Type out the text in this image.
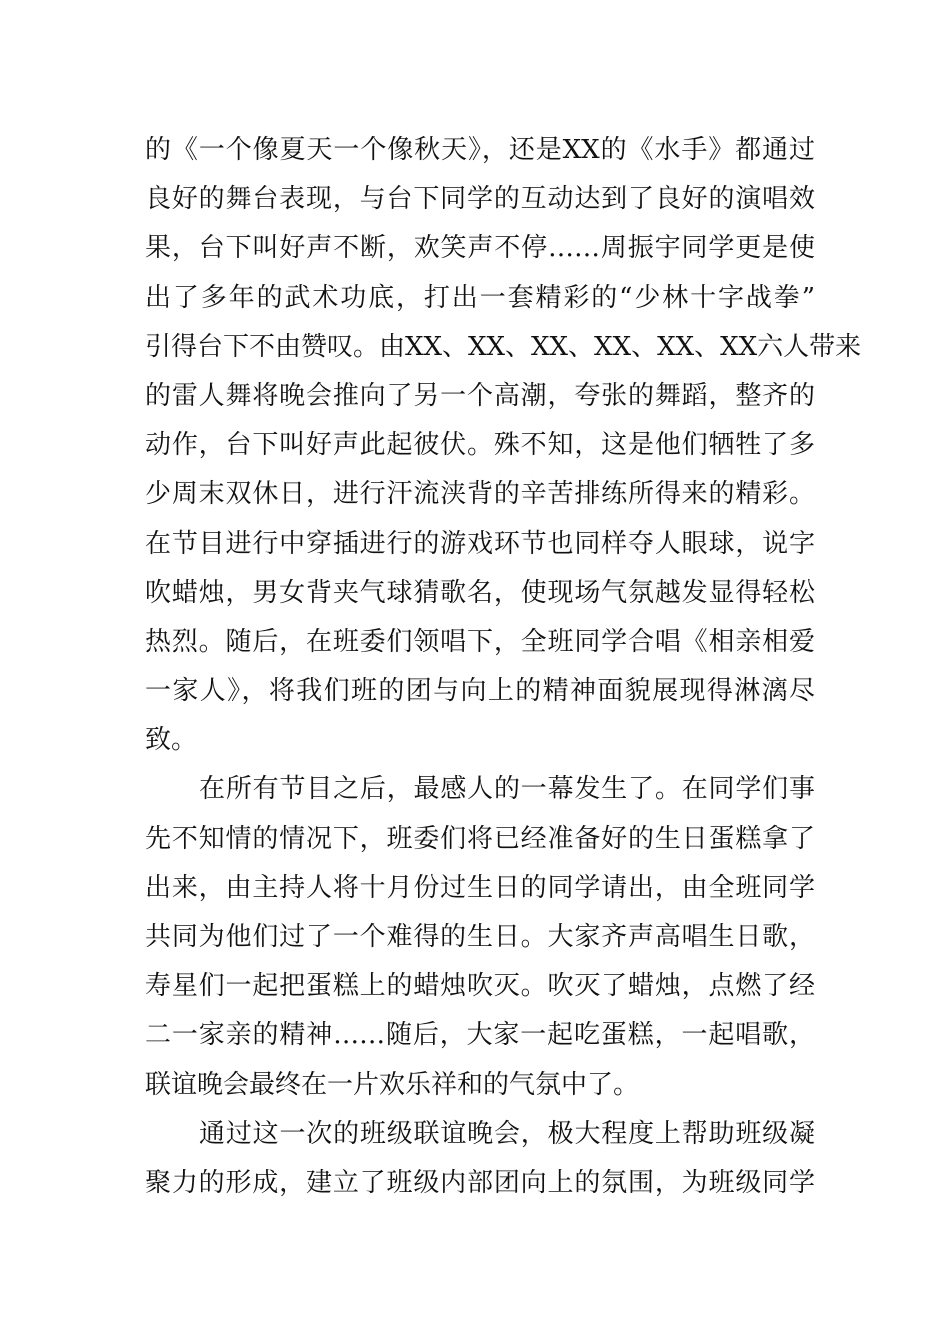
的《一个像夏天一个像秋天》，还是XX的《水手》都通过
良好的舞台表现，与台下同学的互动达到了良好的演唱效
果，台下叫好声不断，欢笑声不停……周振宇同学更是使
出了多年的武术功底，打出一套精彩的“少林十字战拳”
引得台下不由赞叹。由XX、XX、XX、XX、XX、XX六人带来
的雷人舞将晚会推向了另一个高潮，夸张的舞蹈，整齐的
动作，台下叫好声此起彼伏。殊不知，这是他们牺牲了多
少周末双休日，进行汗流浃背的辛苦排练所得来的精彩。
在节目进行中穿插进行的游戏环节也同样夺人眼球，说字
吹蜡烛，男女背夹气球猜歌名，使现场气氛越发显得轻松
热烈。随后，在班委们领唱下，全班同学合唱《相亲相爱
一家人》，将我们班的团与向上的精神面貌展现得淋漓尽
致。
在所有节目之后，最感人的一幕发生了。在同学们事
先不知情的情况下，班委们将已经准备好的生日蛋糕拿了
出来，由主持人将十月份过生日的同学请出，由全班同学
共同为他们过了一个难得的生日。大家齐声高唱生日歌，
寿星们一起把蛋糕上的蜡烛吹灭。吹灭了蜡烛，点燃了经
二一家亲的精神……随后，大家一起吃蛋糕，一起唱歌，
联谊晚会最终在一片欢乐祥和的气氛中了。
通过这一次的班级联谊晚会，极大程度上帮助班级凝
聚力的形成，建立了班级内部团向上的氛围，为班级同学
